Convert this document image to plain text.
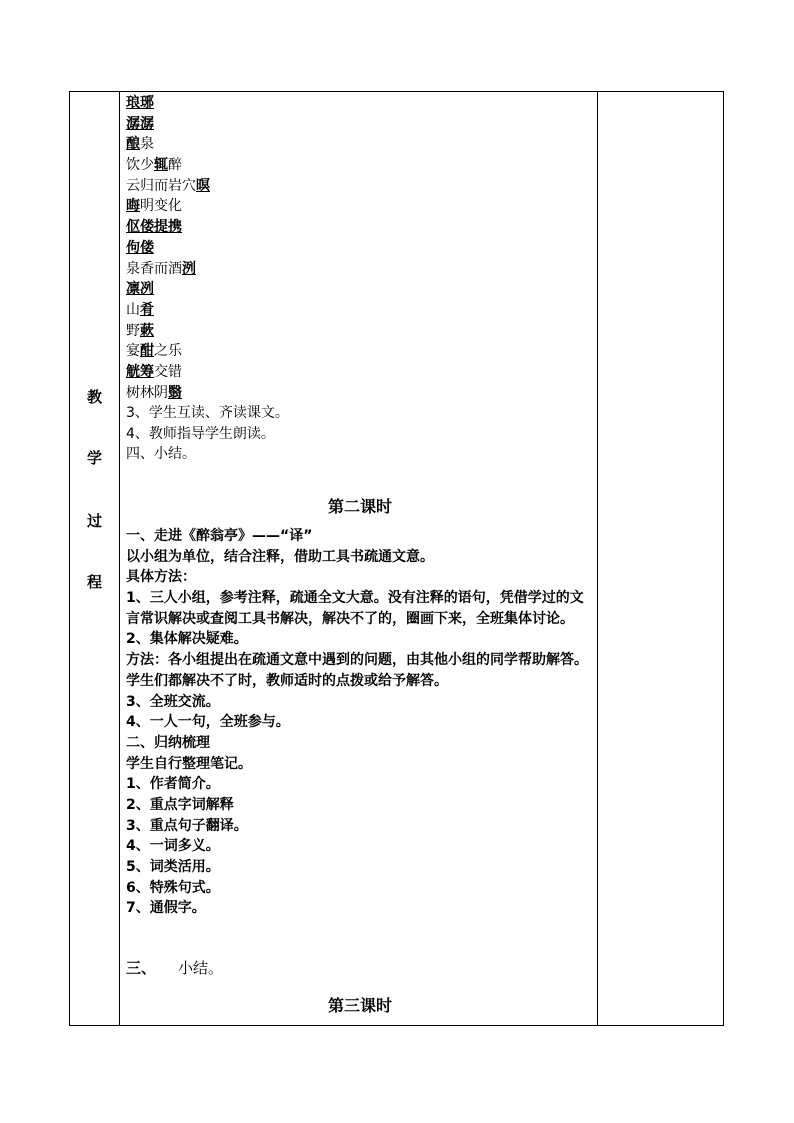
教
学
过
程
琅琊
潺潺
酿泉
饮少辄醉
云归而岩穴暝
晦明变化
伛偻提携
佝偻
泉香而酒洌
凛冽
山肴
野蔌
宴酣之乐
觥筹交错
树林阴翳
3、学生互读、齐读课文。
4、教师指导学生朗读。
四、小结。
第二课时
一、走进《醉翁亭》——“译”
以小组为单位，结合注释，借助工具书疏通文意。
具体方法：
1、三人小组，参考注释，疏通全文大意。没有注释的语句，凭借学过的文言常识解决或查阅工具书解决，解决不了的，圈画下来，全班集体讨论。
2、集体解决疑难。
方法：各小组提出在疏通文意中遇到的问题，由其他小组的同学帮助解答。学生们都解决不了时，教师适时的点拨或给予解答。
3、全班交流。
4、一人一句，全班参与。
二、归纳梳理
学生自行整理笔记。
1、作者简介。
2、重点字词解释
3、重点句子翻译。
4、一词多义。
5、词类活用。
6、特殊句式。
7、通假字。
三、 小结。
第三课时
